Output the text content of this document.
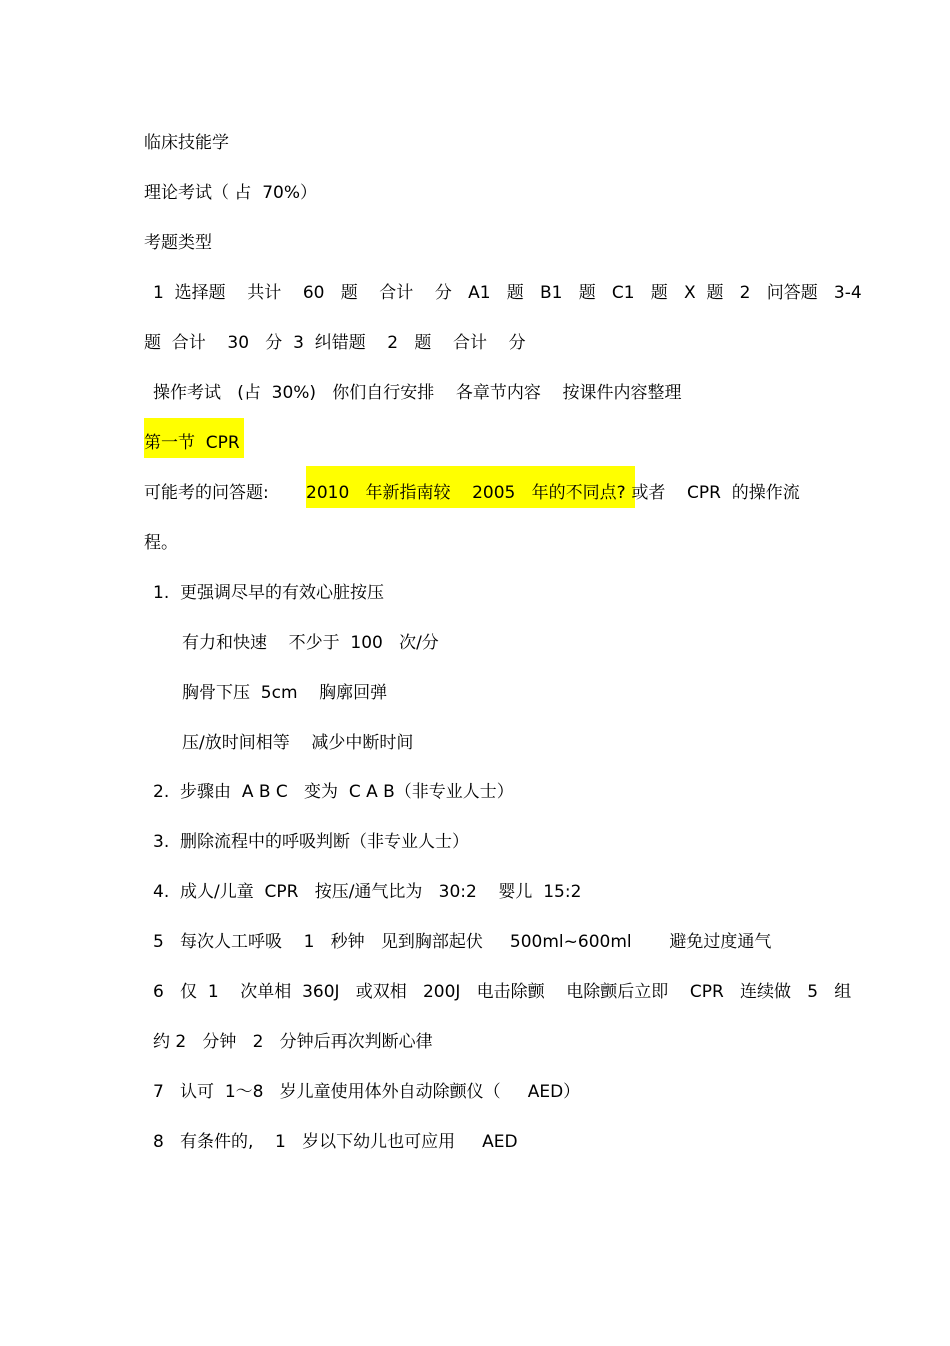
临床技能学

理论考试（ 占  70%）

考题类型

1  选择题    共计    60   题    合计    分   A1   题   B1   题   C1   题   X  题   2   问答题   3-4

题  合计    30   分  3  纠错题    2   题    合计    分

操作考试   (占  30%)   你们自行安排    各章节内容    按课件内容整理

第一节  CPR

可能考的问答题: 2010   年新指南较    2005   年的不同点? 或者    CPR  的操作流

程。

1.  更强调尽早的有效心脏按压

有力和快速    不少于  100   次/分

胸骨下压  5cm    胸廓回弹

压/放时间相等    减少中断时间

2.  步骤由  A B C   变为  C A B（非专业人士）

3.  删除流程中的呼吸判断（非专业人士）

4.  成人/儿童  CPR   按压/通气比为   30:2    婴儿  15:2

5   每次人工呼吸    1   秒钟   见到胸部起伏     500ml~600ml       避免过度通气

6   仅  1    次单相  360J   或双相   200J   电击除颤    电除颤后立即    CPR   连续做   5   组

约 2   分钟   2   分钟后再次判断心律

7   认可  1～8   岁儿童使用体外自动除颤仪（     AED）

8   有条件的,    1   岁以下幼儿也可应用     AED
